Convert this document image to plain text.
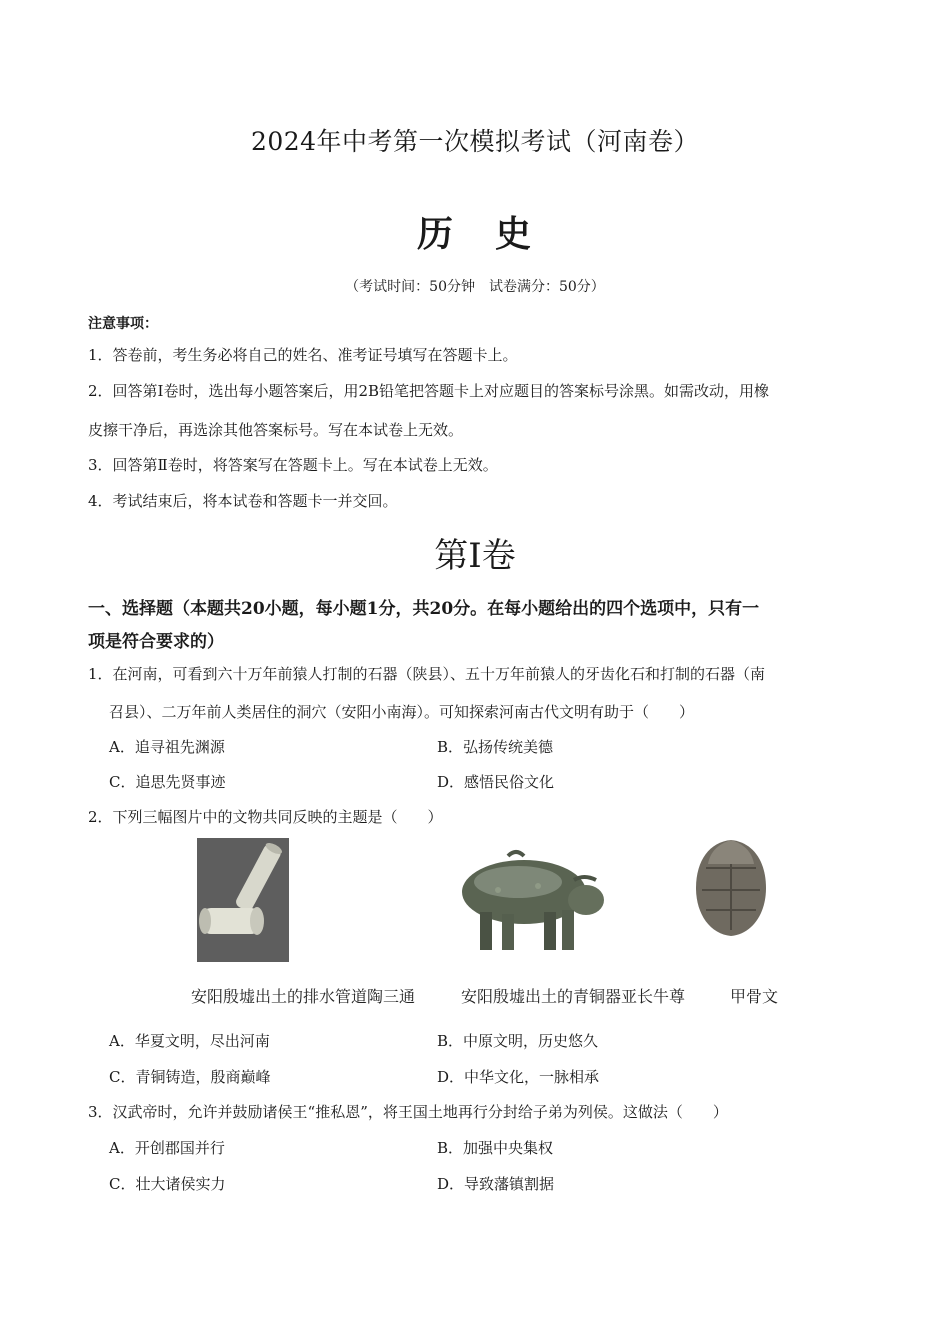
2024年中考第一次模拟考试（河南卷）
历 史
（考试时间：50分钟　试卷满分：50分）
注意事项：
1．答卷前，考生务必将自己的姓名、准考证号填写在答题卡上。
2．回答第Ⅰ卷时，选出每小题答案后，用2B铅笔把答题卡上对应题目的答案标号涂黑。如需改动，用橡
皮擦干净后，再选涂其他答案标号。写在本试卷上无效。
3．回答第Ⅱ卷时，将答案写在答题卡上。写在本试卷上无效。
4．考试结束后，将本试卷和答题卡一并交回。
第Ⅰ卷
一、选择题（本题共20小题，每小题1分，共20分。在每小题给出的四个选项中，只有一
项是符合要求的）
1．在河南，可看到六十万年前猿人打制的石器（陕县）、五十万年前猿人的牙齿化石和打制的石器（南
召县）、二万年前人类居住的洞穴（安阳小南海）。可知探索河南古代文明有助于（　　）
A．追寻祖先渊源	B．弘扬传统美德
C．追思先贤事迹	D．感悟民俗文化
2．下列三幅图片中的文物共同反映的主题是（　　）
安阳殷墟出土的排水管道陶三通	安阳殷墟出土的青铜器亚长牛尊	甲骨文
A．华夏文明，尽出河南	B．中原文明，历史悠久
C．青铜铸造，殷商巅峰	D．中华文化，一脉相承
3．汉武帝时，允许并鼓励诸侯王“推私恩”，将王国土地再行分封给子弟为列侯。这做法（　　）
A．开创郡国并行	B．加强中央集权
C．壮大诸侯实力	D．导致藩镇割据
